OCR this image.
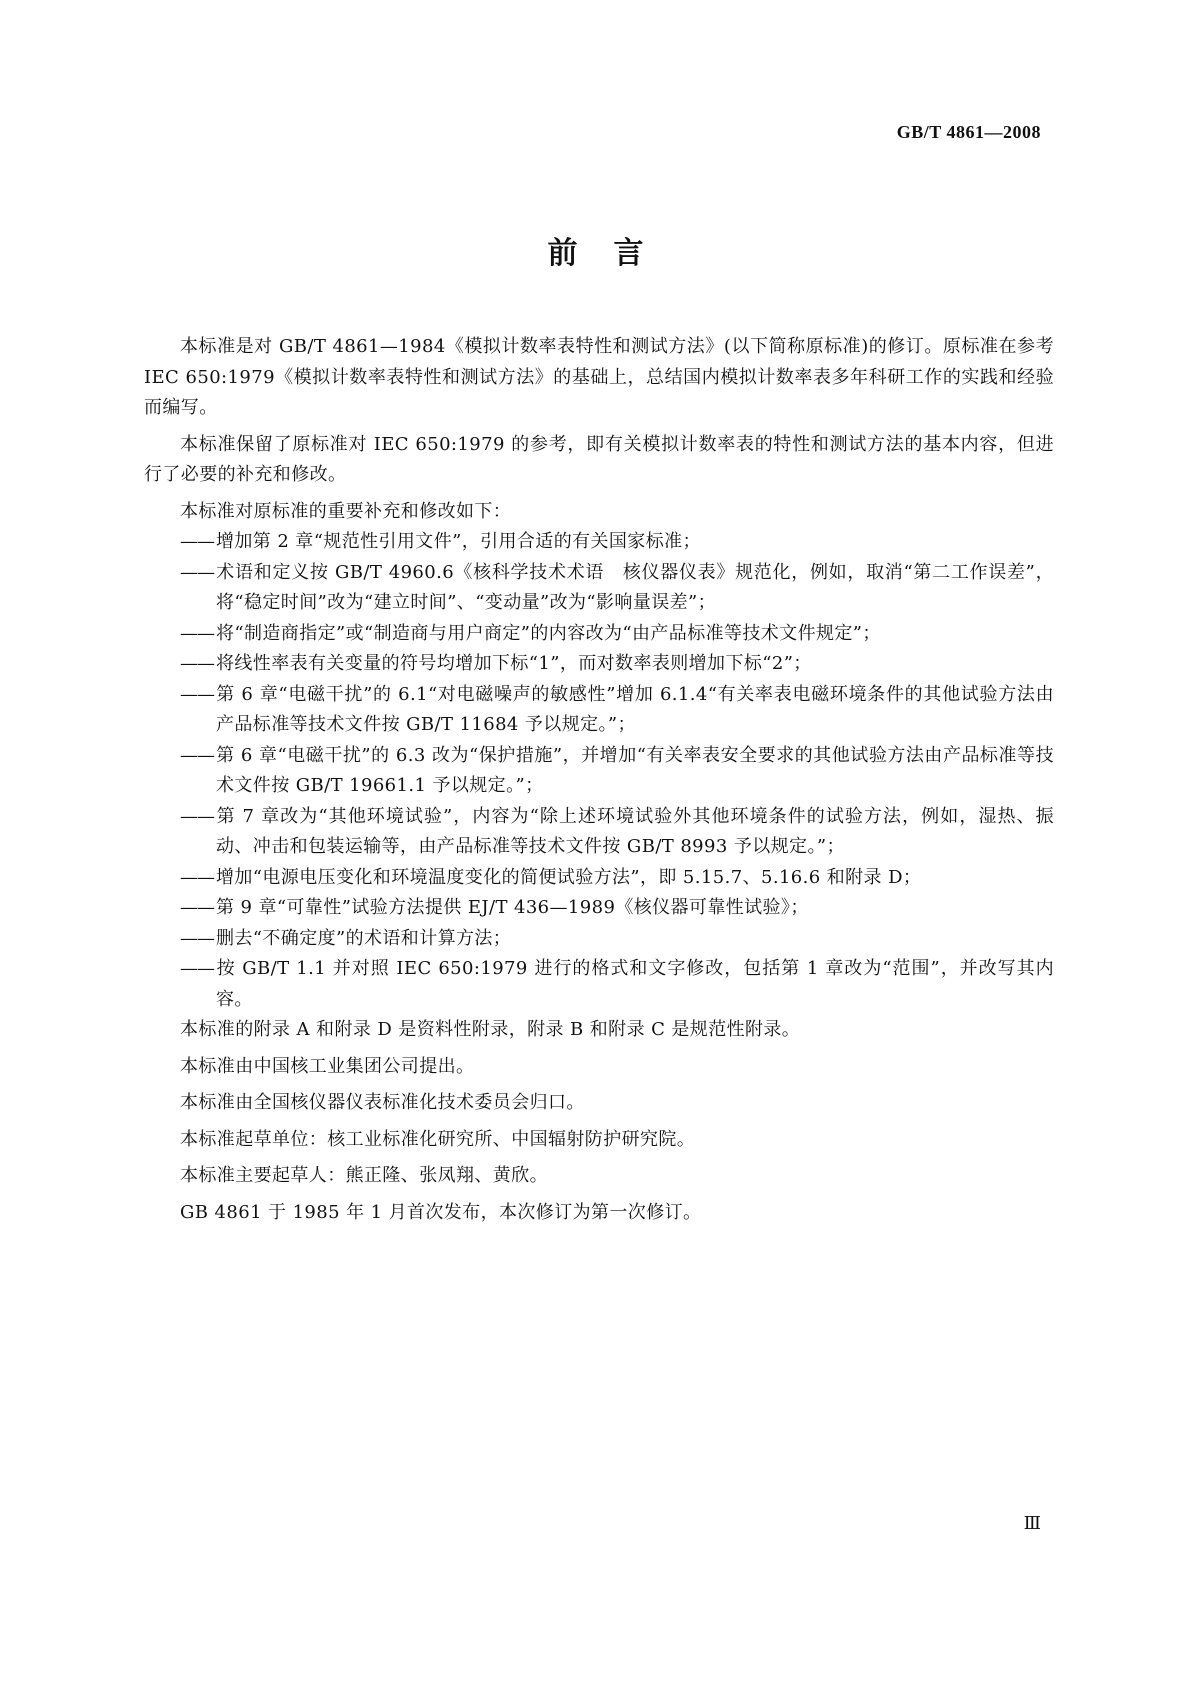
GB/T 4861—2008
前言

本标准是对 GB/T 4861—1984《模拟计数率表特性和测试方法》(以下简称原标准)的修订。原标准在参考 IEC 650:1979《模拟计数率表特性和测试方法》的基础上，总结国内模拟计数率表多年科研工作的实践和经验而编写。

本标准保留了原标准对 IEC 650:1979 的参考，即有关模拟计数率表的特性和测试方法的基本内容，但进行了必要的补充和修改。

本标准对原标准的重要补充和修改如下：

—— 增加第 2 章“规范性引用文件”，引用合适的有关国家标准；

—— 术语和定义按 GB/T 4960.6《核科学技术术语　核仪器仪表》规范化，例如，取消“第二工作误差”，将“稳定时间”改为“建立时间”、“变动量”改为“影响量误差”；

—— 将“制造商指定”或“制造商与用户商定”的内容改为“由产品标准等技术文件规定”；

—— 将线性率表有关变量的符号均增加下标“1”，而对数率表则增加下标“2”；

—— 第 6 章“电磁干扰”的 6.1“对电磁噪声的敏感性”增加 6.1.4“有关率表电磁环境条件的其他试验方法由产品标准等技术文件按 GB/T 11684 予以规定。”；

—— 第 6 章“电磁干扰”的 6.3 改为“保护措施”，并增加“有关率表安全要求的其他试验方法由产品标准等技术文件按 GB/T 19661.1 予以规定。”；

—— 第 7 章改为“其他环境试验”，内容为“除上述环境试验外其他环境条件的试验方法，例如，湿热、振动、冲击和包装运输等，由产品标准等技术文件按 GB/T 8993 予以规定。”；

—— 增加“电源电压变化和环境温度变化的简便试验方法”，即 5.15.7、5.16.6 和附录 D；

—— 第 9 章“可靠性”试验方法提供 EJ/T 436—1989《核仪器可靠性试验》；

—— 删去“不确定度”的术语和计算方法；

—— 按 GB/T 1.1 并对照 IEC 650:1979 进行的格式和文字修改，包括第 1 章改为“范围”，并改写其内容。

本标准的附录 A 和附录 D 是资料性附录，附录 B 和附录 C 是规范性附录。

本标准由中国核工业集团公司提出。

本标准由全国核仪器仪表标准化技术委员会归口。

本标准起草单位：核工业标准化研究所、中国辐射防护研究院。

本标准主要起草人：熊正隆、张凤翔、黄欣。

GB 4861 于 1985 年 1 月首次发布，本次修订为第一次修订。

Ⅲ
